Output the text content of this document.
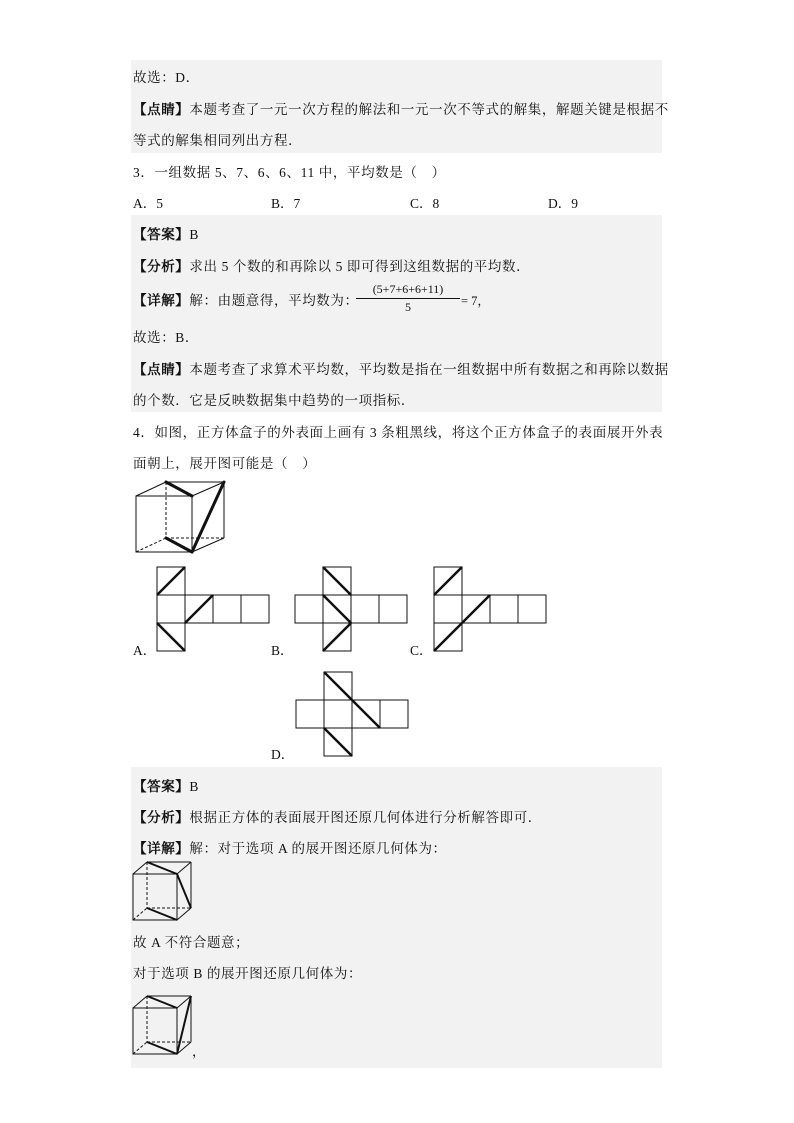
故选：D．
【点睛】本题考查了一元一次方程的解法和一元一次不等式的解集，解题关键是根据不
等式的解集相同列出方程．
3．一组数据 5、7、6、6、11 中，平均数是（　）
A．5	B．7	C．8	D．9
【答案】B
【分析】求出 5 个数的和再除以 5 即可得到这组数据的平均数．
【详解】解：由题意得，平均数为：
$\frac{(5+7+6+6+11)}{5} = 7$，
故选：B．
【点睛】本题考查了求算术平均数，平均数是指在一组数据中所有数据之和再除以数据
的个数．它是反映数据集中趋势的一项指标．
4．如图，正方体盒子的外表面上画有 3 条粗黑线，将这个正方体盒子的表面展开外表
面朝上，展开图可能是（　）
A．	B．	C．
D．
【答案】B
【分析】根据正方体的表面展开图还原几何体进行分析解答即可．
【详解】解：对于选项 A 的展开图还原几何体为：
故 A 不符合题意；
对于选项 B 的展开图还原几何体为：
，
